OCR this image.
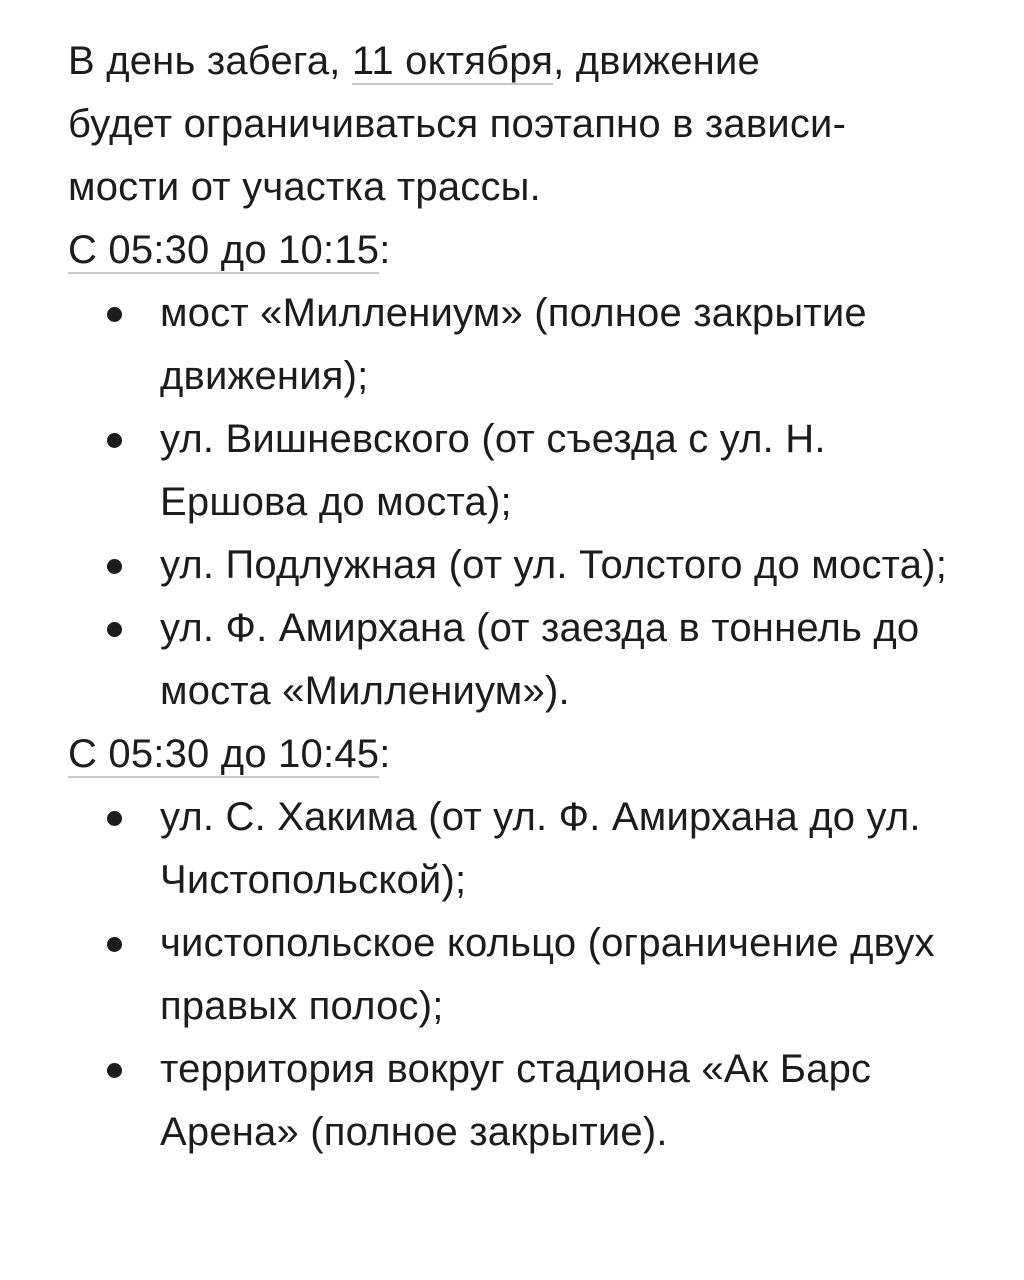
В день забега, 11 октября, движение
будет ограничиваться поэтапно в зависи-
мости от участка трассы.

С 05:30 до 10:15:

мост «Миллениум» (полное закрытие движения);
ул. Вишневского (от съезда с ул. Н. Ершова до моста);
ул. Подлужная (от ул. Толстого до моста);
ул. Ф. Амирхана (от заезда в тоннель до моста «Миллениум»).

С 05:30 до 10:45:

ул. С. Хакима (от ул. Ф. Амирхана до ул. Чистопольской);
чистопольское кольцо (ограничение двух правых полос);
территория вокруг стадиона «Ак Барс Арена» (полное закрытие).
